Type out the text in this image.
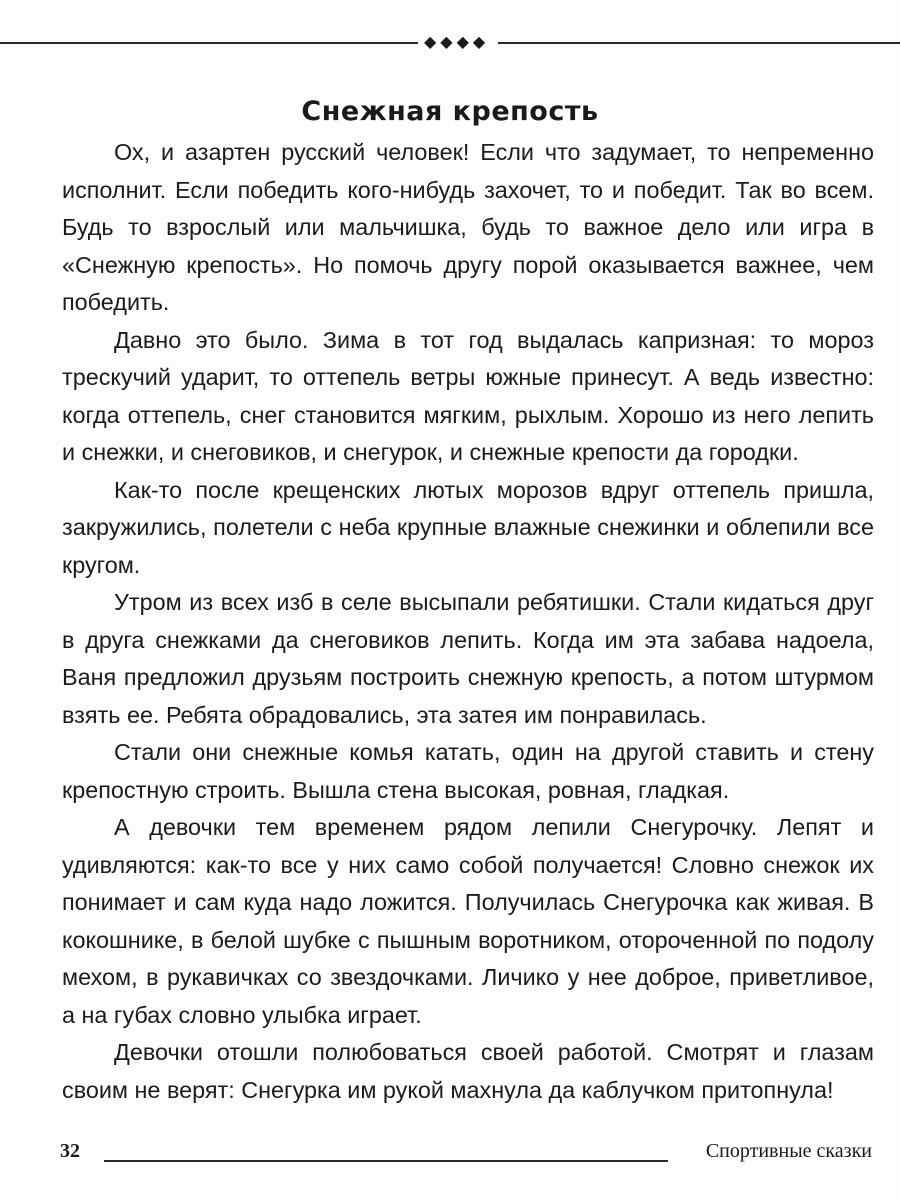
◆◆◆◆
Снежная крепость

Ох, и азартен русский человек! Если что задумает, то непременно исполнит. Если победить кого-нибудь захочет, то и победит. Так во всем. Будь то взрослый или мальчишка, будь то важное дело или игра в «Снежную крепость». Но помочь другу порой оказывается важнее, чем победить.

Давно это было. Зима в тот год выдалась капризная: то мороз трескучий ударит, то оттепель ветры южные принесут. А ведь известно: когда оттепель, снег становится мягким, рыхлым. Хорошо из него лепить и снежки, и снеговиков, и снегурок, и снежные крепости да городки.

Как-то после крещенских лютых морозов вдруг оттепель пришла, закружились, полетели с неба крупные влажные снежинки и облепили все кругом.

Утром из всех изб в селе высыпали ребятишки. Стали кидаться друг в друга снежками да снеговиков лепить. Когда им эта забава надоела, Ваня предложил друзьям построить снежную крепость, а потом штурмом взять ее. Ребята обрадовались, эта затея им понравилась.

Стали они снежные комья катать, один на другой ставить и стену крепостную строить. Вышла стена высокая, ровная, гладкая.

А девочки тем временем рядом лепили Снегурочку. Лепят и удивляются: как-то все у них само собой получается! Словно снежок их понимает и сам куда надо ложится. Получилась Снегурочка как живая. В кокошнике, в белой шубке с пышным воротником, отороченной по подолу мехом, в рукавичках со звездочками. Личико у нее доброе, приветливое, а на губах словно улыбка играет.

Девочки отошли полюбоваться своей работой. Смотрят и глазам своим не верят: Снегурка им рукой махнула да каблучком притопнула!

32	Спортивные сказки
